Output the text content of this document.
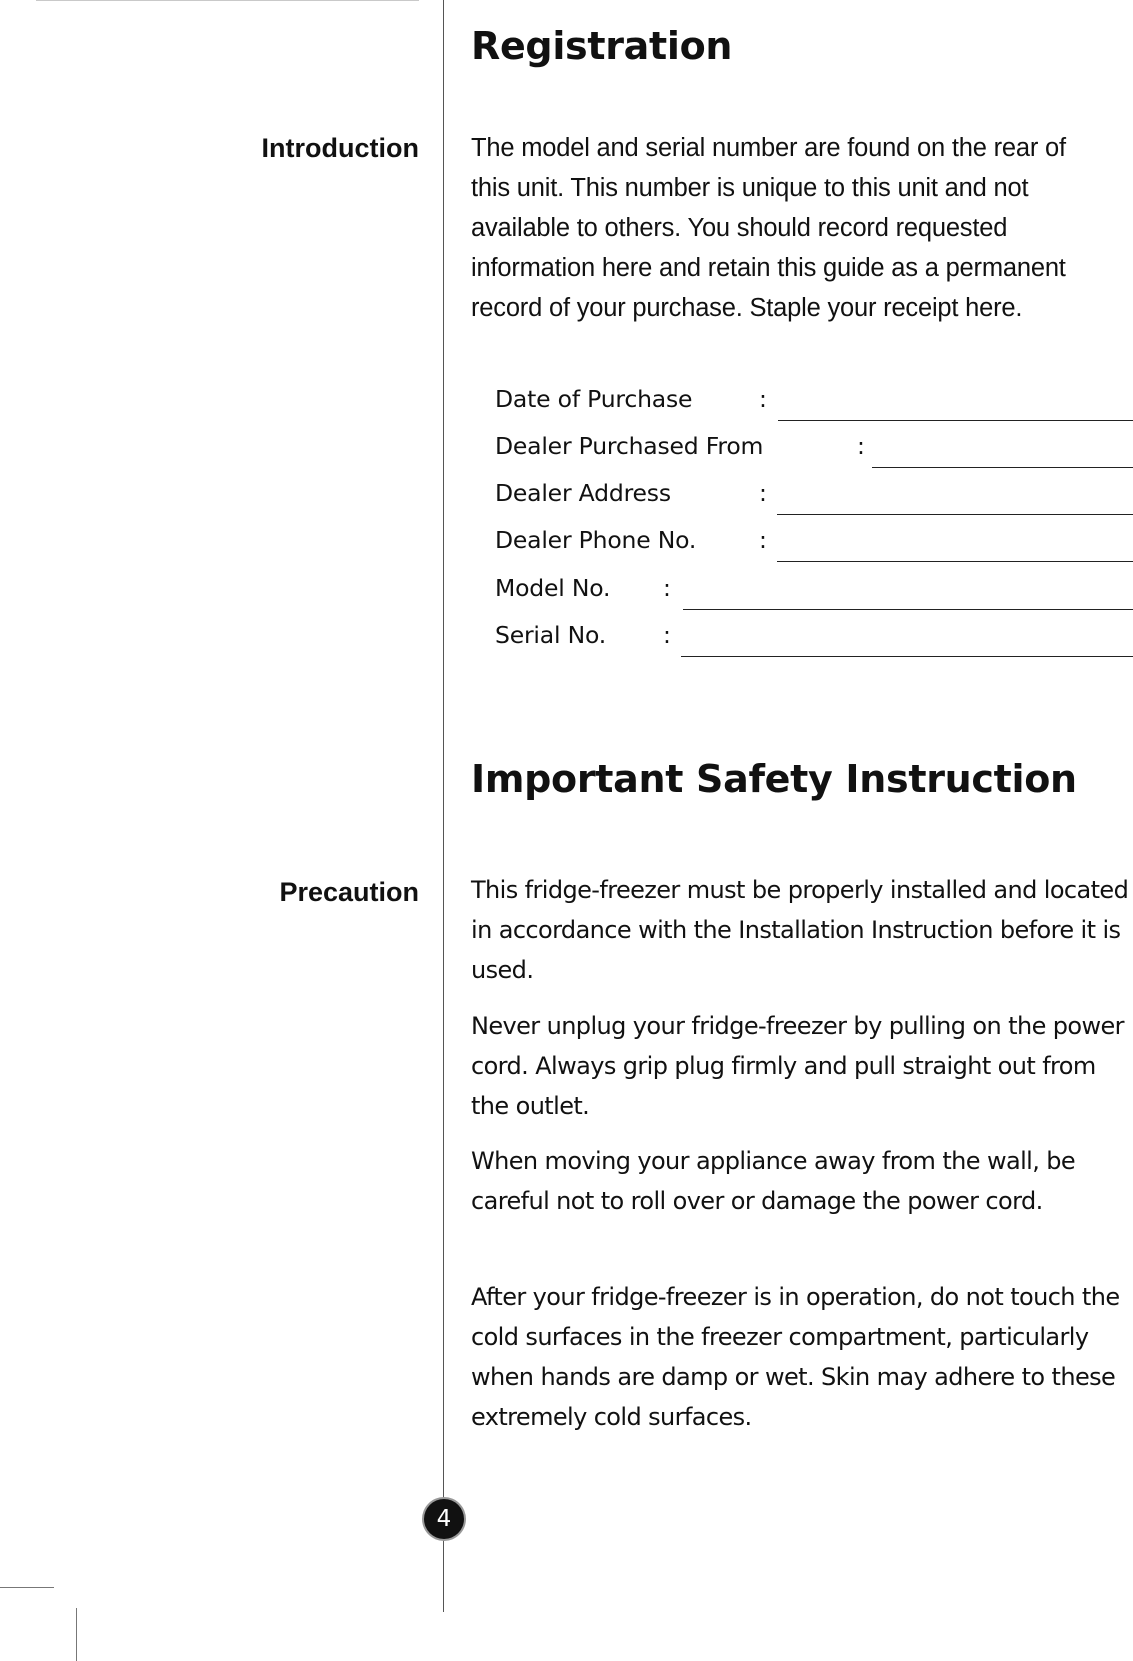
Registration
Introduction The model and serial number are found on the rear of this unit. This number is unique to this unit and not available to others. You should record requested information here and retain this guide as a permanent record of your purchase. Staple your receipt here.
Date of Purchase	:
Dealer Purchased From	:
Dealer Address	:
Dealer Phone No.	:
Model No. :
Serial No. :
Important Safety Instruction
Precaution This fridge-freezer must be properly installed and located in accordance with the Installation Instruction before it is used.
Never unplug your fridge-freezer by pulling on the power cord. Always grip plug firmly and pull straight out from the outlet.
When moving your appliance away from the wall, be careful not to roll over or damage the power cord.
After your fridge-freezer is in operation, do not touch the cold surfaces in the freezer compartment, particularly when hands are damp or wet. Skin may adhere to these extremely cold surfaces.
4
